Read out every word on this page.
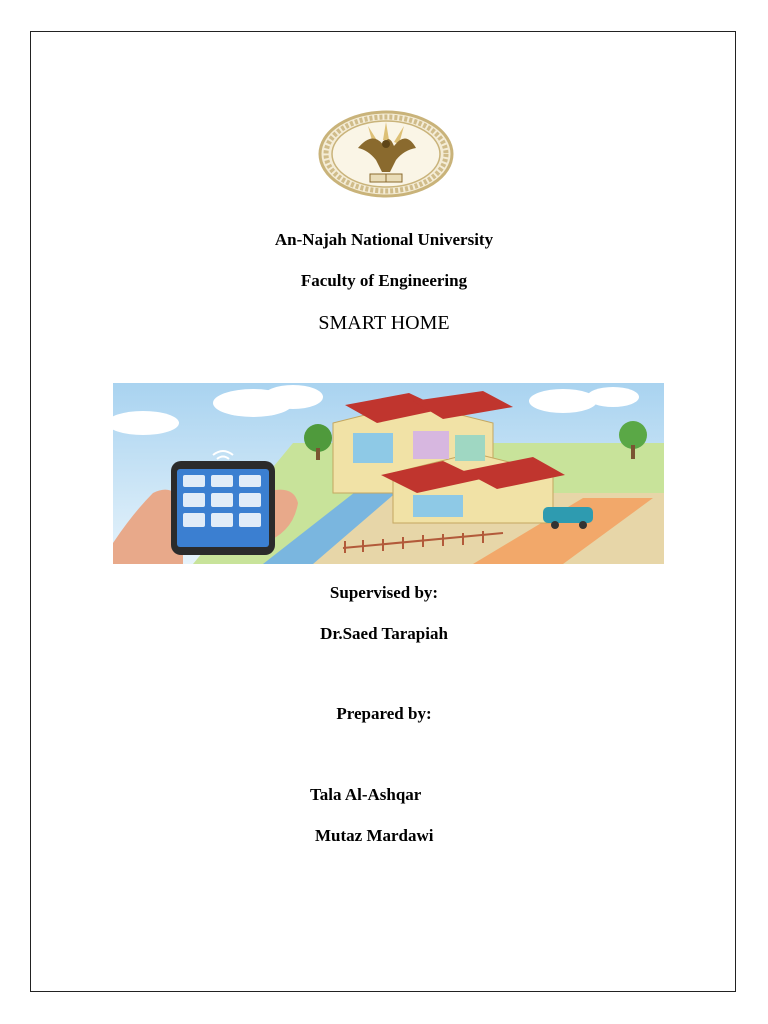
An-Najah National University
Faculty of Engineering
SMART HOME
Supervised by:
Dr.Saed Tarapiah
Prepared by:
Tala Al-Ashqar
Mutaz Mardawi
